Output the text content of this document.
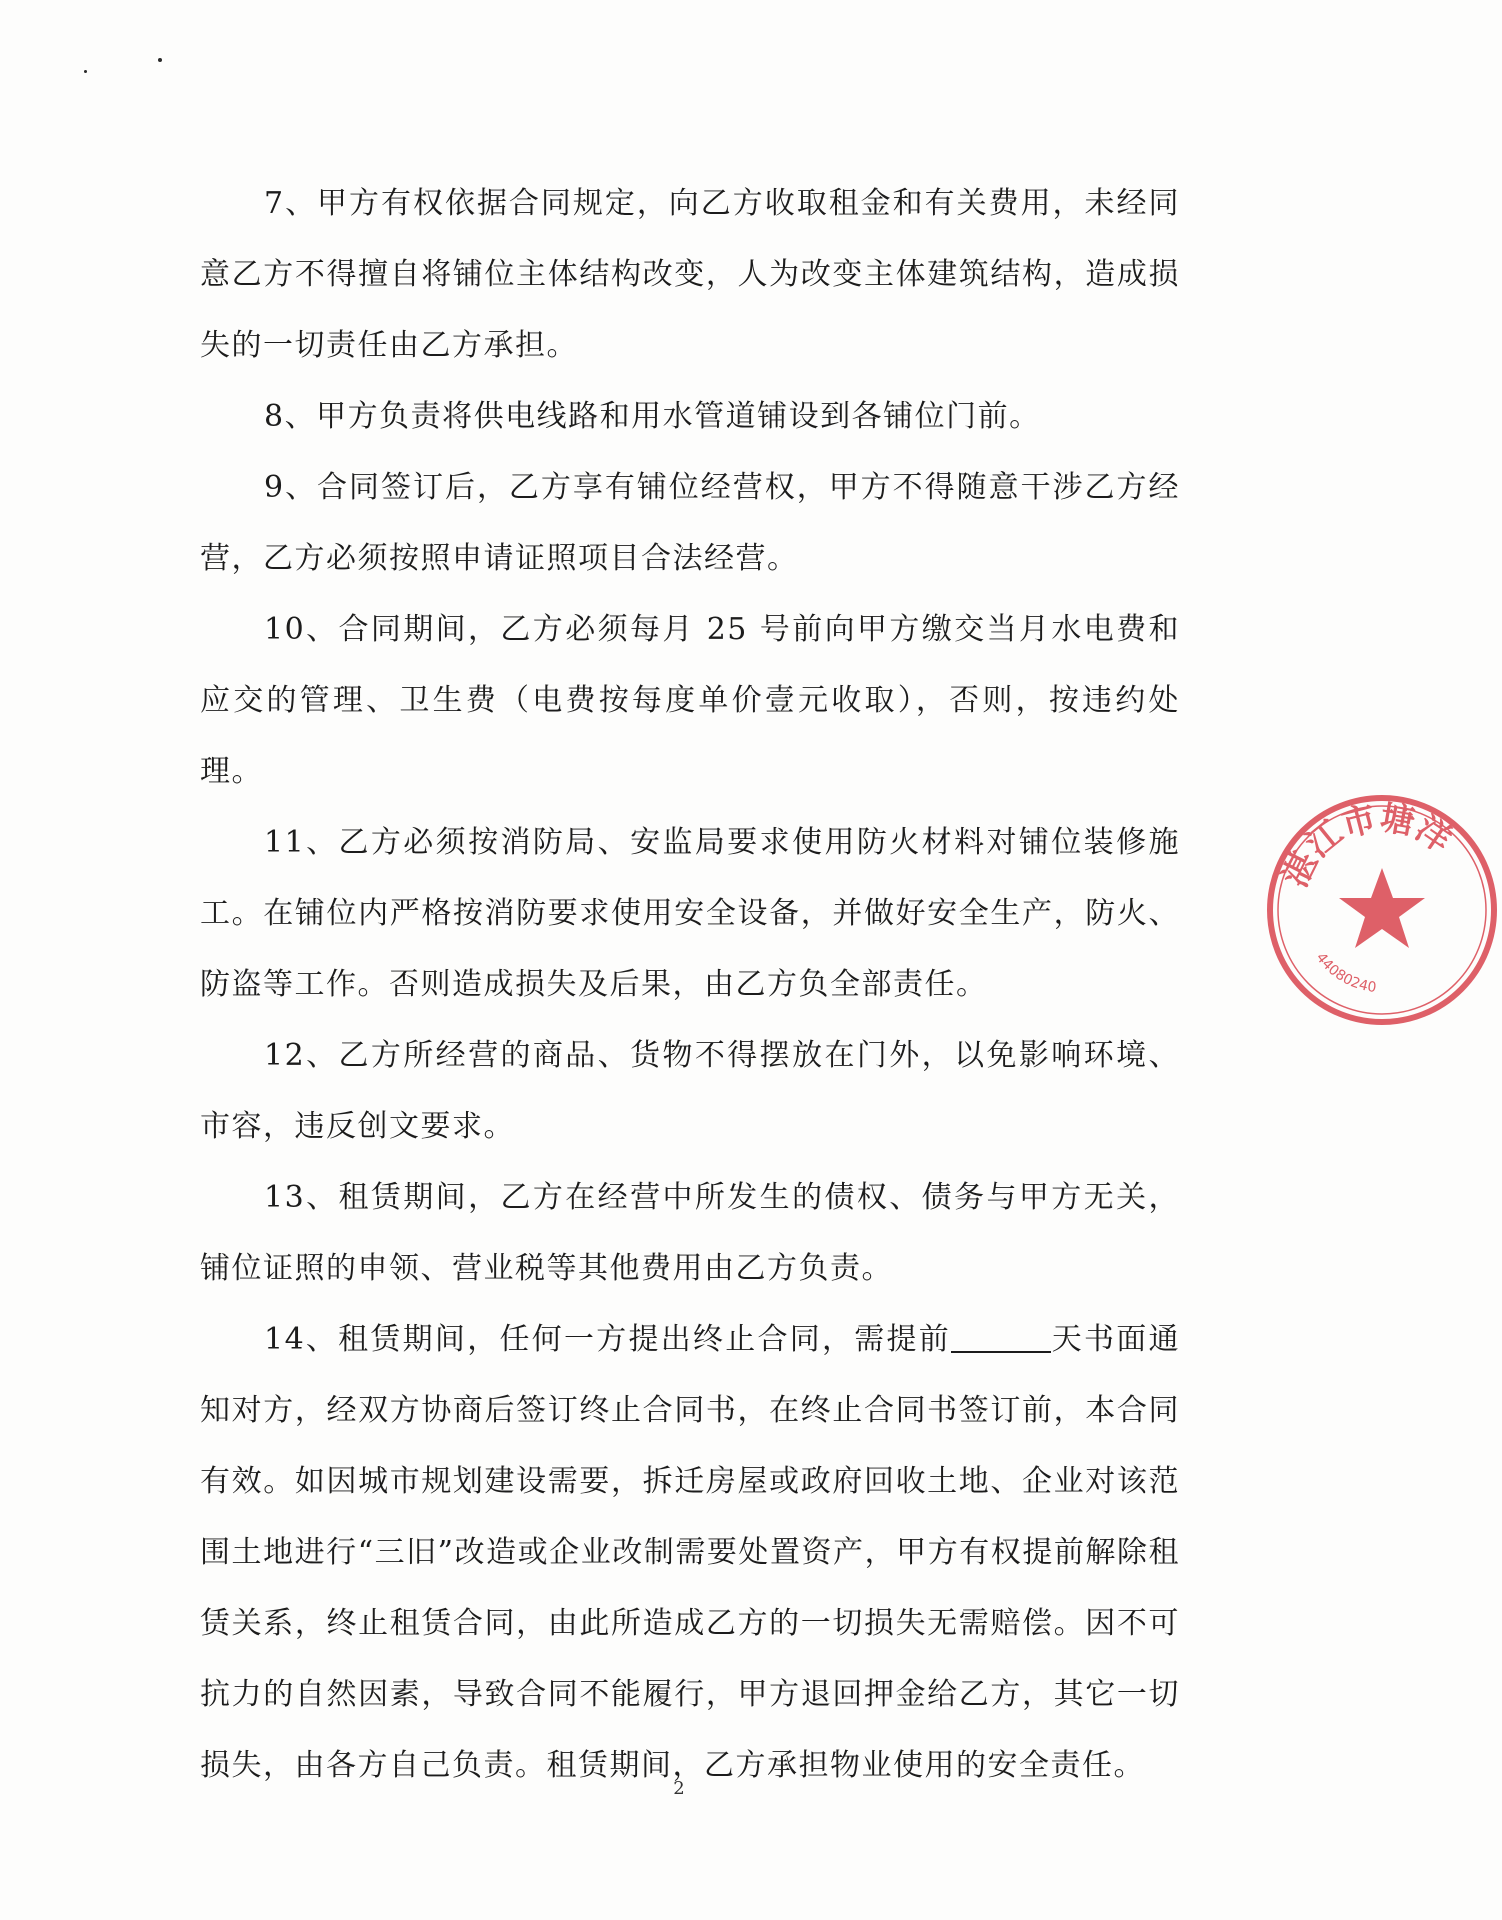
7、甲方有权依据合同规定，向乙方收取租金和有关费用，未经同意乙方不得擅自将铺位主体结构改变，人为改变主体建筑结构，造成损失的一切责任由乙方承担。

8、甲方负责将供电线路和用水管道铺设到各铺位门前。

9、合同签订后，乙方享有铺位经营权，甲方不得随意干涉乙方经营，乙方必须按照申请证照项目合法经营。

10、合同期间，乙方必须每月 25 号前向甲方缴交当月水电费和应交的管理、卫生费（电费按每度单价壹元收取），否则，按违约处理。

11、乙方必须按消防局、安监局要求使用防火材料对铺位装修施工。在铺位内严格按消防要求使用安全设备，并做好安全生产，防火、防盗等工作。否则造成损失及后果，由乙方负全部责任。

12、乙方所经营的商品、货物不得摆放在门外，以免影响环境、市容，违反创文要求。

13、租赁期间，乙方在经营中所发生的债权、债务与甲方无关，铺位证照的申领、营业税等其他费用由乙方负责。

14、租赁期间，任何一方提出终止合同，需提前	天书面通知对方，经双方协商后签订终止合同书，在终止合同书签订前，本合同有效。如因城市规划建设需要，拆迁房屋或政府回收土地、企业对该范围土地进行“三旧”改造或企业改制需要处置资产，甲方有权提前解除租赁关系，终止租赁合同，由此所造成乙方的一切损失无需赔偿。因不可抗力的自然因素，导致合同不能履行，甲方退回押金给乙方，其它一切损失，由各方自己负责。租赁期间，乙方承担物业使用的安全责任。

湛江市塘洋
44080240
2
